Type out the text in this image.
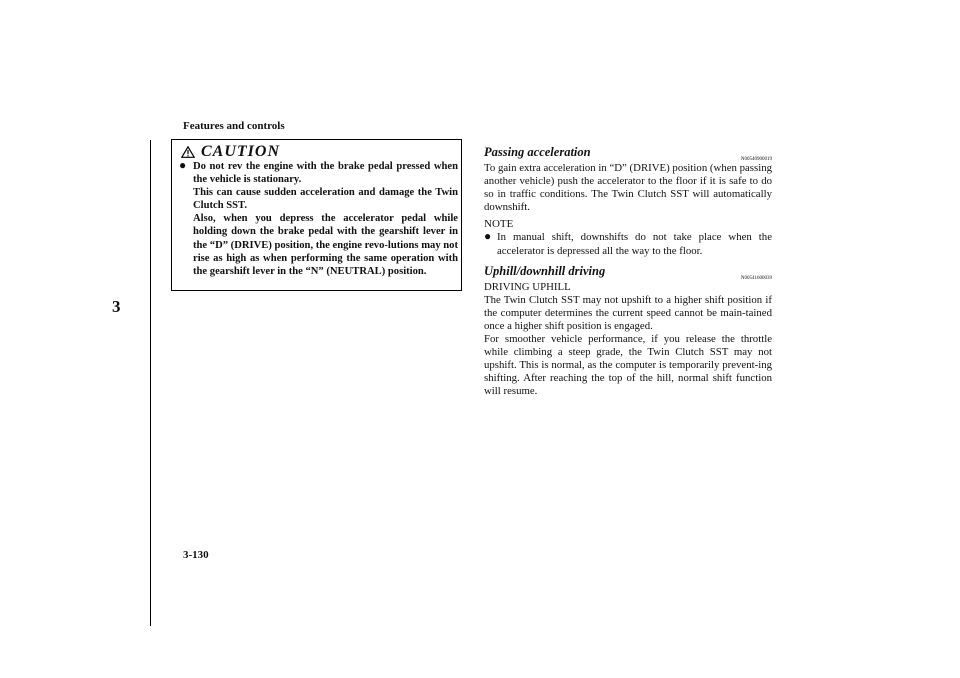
Features and controls
3
CAUTION
● Do not rev the engine with the brake pedal pressed when the vehicle is stationary.

This can cause sudden acceleration and damage the Twin Clutch SST.

Also, when you depress the accelerator pedal while holding down the brake pedal with the gearshift lever in the “D” (DRIVE) position, the engine revo-lutions may not rise as high as when performing the same operation with the gearshift lever in the “N” (NEUTRAL) position.

Passing acceleration
N00540900019

To gain extra acceleration in “D” (DRIVE) position (when passing another vehicle) push the accelerator to the floor if it is safe to do so in traffic conditions. The Twin Clutch SST will automatically downshift.

NOTE
● In manual shift, downshifts do not take place when the accelerator is depressed all the way to the floor.
Uphill/downhill driving
N00541600039

DRIVING UPHILL

The Twin Clutch SST may not upshift to a higher shift position if the computer determines the current speed cannot be main-tained once a higher shift position is engaged.

For smoother vehicle performance, if you release the throttle while climbing a steep grade, the Twin Clutch SST may not upshift. This is normal, as the computer is temporarily prevent-ing shifting. After reaching the top of the hill, normal shift function will resume.

3-130
